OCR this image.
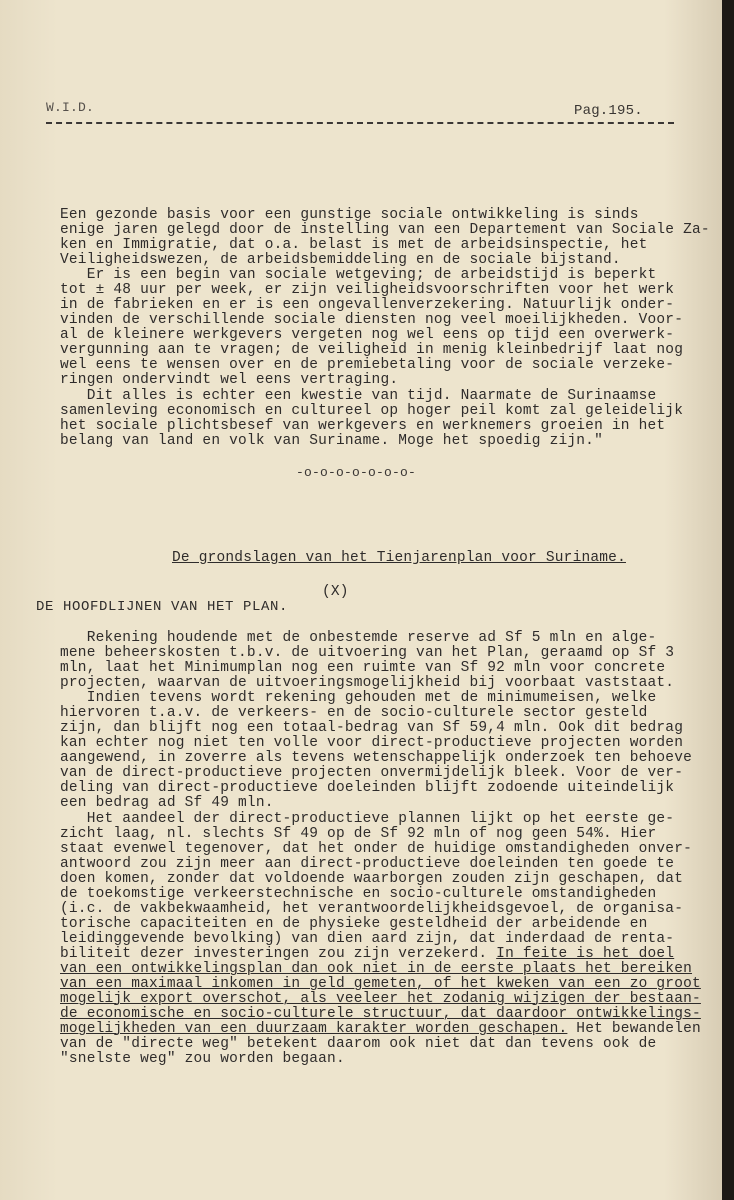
W.I.D.	Pag.195.
Een gezonde basis voor een gunstige sociale ontwikkeling is sinds
enige jaren gelegd door de instelling van een Departement van Sociale Za-
ken en Immigratie, dat o.a. belast is met de arbeidsinspectie, het
Veiligheidswezen, de arbeidsbemiddeling en de sociale bijstand.
Er is een begin van sociale wetgeving; de arbeidstijd is beperkt
tot ± 48 uur per week, er zijn veiligheidsvoorschriften voor het werk
in de fabrieken en er is een ongevallenverzekering. Natuurlijk onder-
vinden de verschillende sociale diensten nog veel moeilijkheden. Voor-
al de kleinere werkgevers vergeten nog wel eens op tijd een overwerk-
vergunning aan te vragen; de veiligheid in menig kleinbedrijf laat nog
wel eens te wensen over en de premiebetaling voor de sociale verzeke-
ringen ondervindt wel eens vertraging.
Dit alles is echter een kwestie van tijd. Naarmate de Surinaamse
samenleving economisch en cultureel op hoger peil komt zal geleidelijk
het sociale plichtsbesef van werkgevers en werknemers groeien in het
belang van land en volk van Suriname. Moge het spoedig zijn."
-o-o-o-o-o-o-o-
De grondslagen van het Tienjarenplan voor Suriname.
(X)
DE HOOFDLIJNEN VAN HET PLAN.
Rekening houdende met de onbestemde reserve ad Sf 5 mln en alge-
mene beheerskosten t.b.v. de uitvoering van het Plan, geraamd op Sf 3
mln, laat het Minimumplan nog een ruimte van Sf 92 mln voor concrete
projecten, waarvan de uitvoeringsmogelijkheid bij voorbaat vaststaat.
Indien tevens wordt rekening gehouden met de minimumeisen, welke
hiervoren t.a.v. de verkeers- en de socio-culturele sector gesteld
zijn, dan blijft nog een totaal-bedrag van Sf 59,4 mln. Ook dit bedrag
kan echter nog niet ten volle voor direct-productieve projecten worden
aangewend, in zoverre als tevens wetenschappelijk onderzoek ten behoeve
van de direct-productieve projecten onvermijdelijk bleek. Voor de ver-
deling van direct-productieve doeleinden blijft zodoende uiteindelijk
een bedrag ad Sf 49 mln.
Het aandeel der direct-productieve plannen lijkt op het eerste ge-
zicht laag, nl. slechts Sf 49 op de Sf 92 mln of nog geen 54%. Hier
staat evenwel tegenover, dat het onder de huidige omstandigheden onver-
antwoord zou zijn meer aan direct-productieve doeleinden ten goede te
doen komen, zonder dat voldoende waarborgen zouden zijn geschapen, dat
de toekomstige verkeerstechnische en socio-culturele omstandigheden
(i.c. de vakbekwaamheid, het verantwoordelijkheidsgevoel, de organisa-
torische capaciteiten en de physieke gesteldheid der arbeidende en
leidinggevende bevolking) van dien aard zijn, dat inderdaad de renta-
biliteit dezer investeringen zou zijn verzekerd. In feite is het doel
van een ontwikkelingsplan dan ook niet in de eerste plaats het bereiken
van een maximaal inkomen in geld gemeten, of het kweken van een zo groot
mogelijk export overschot, als veeleer het zodanig wijzigen der bestaan-
de economische en socio-culturele structuur, dat daardoor ontwikkelings-
mogelijkheden van een duurzaam karakter worden geschapen. Het bewandelen
van de "directe weg" betekent daarom ook niet dat dan tevens ook de
"snelste weg" zou worden begaan.
